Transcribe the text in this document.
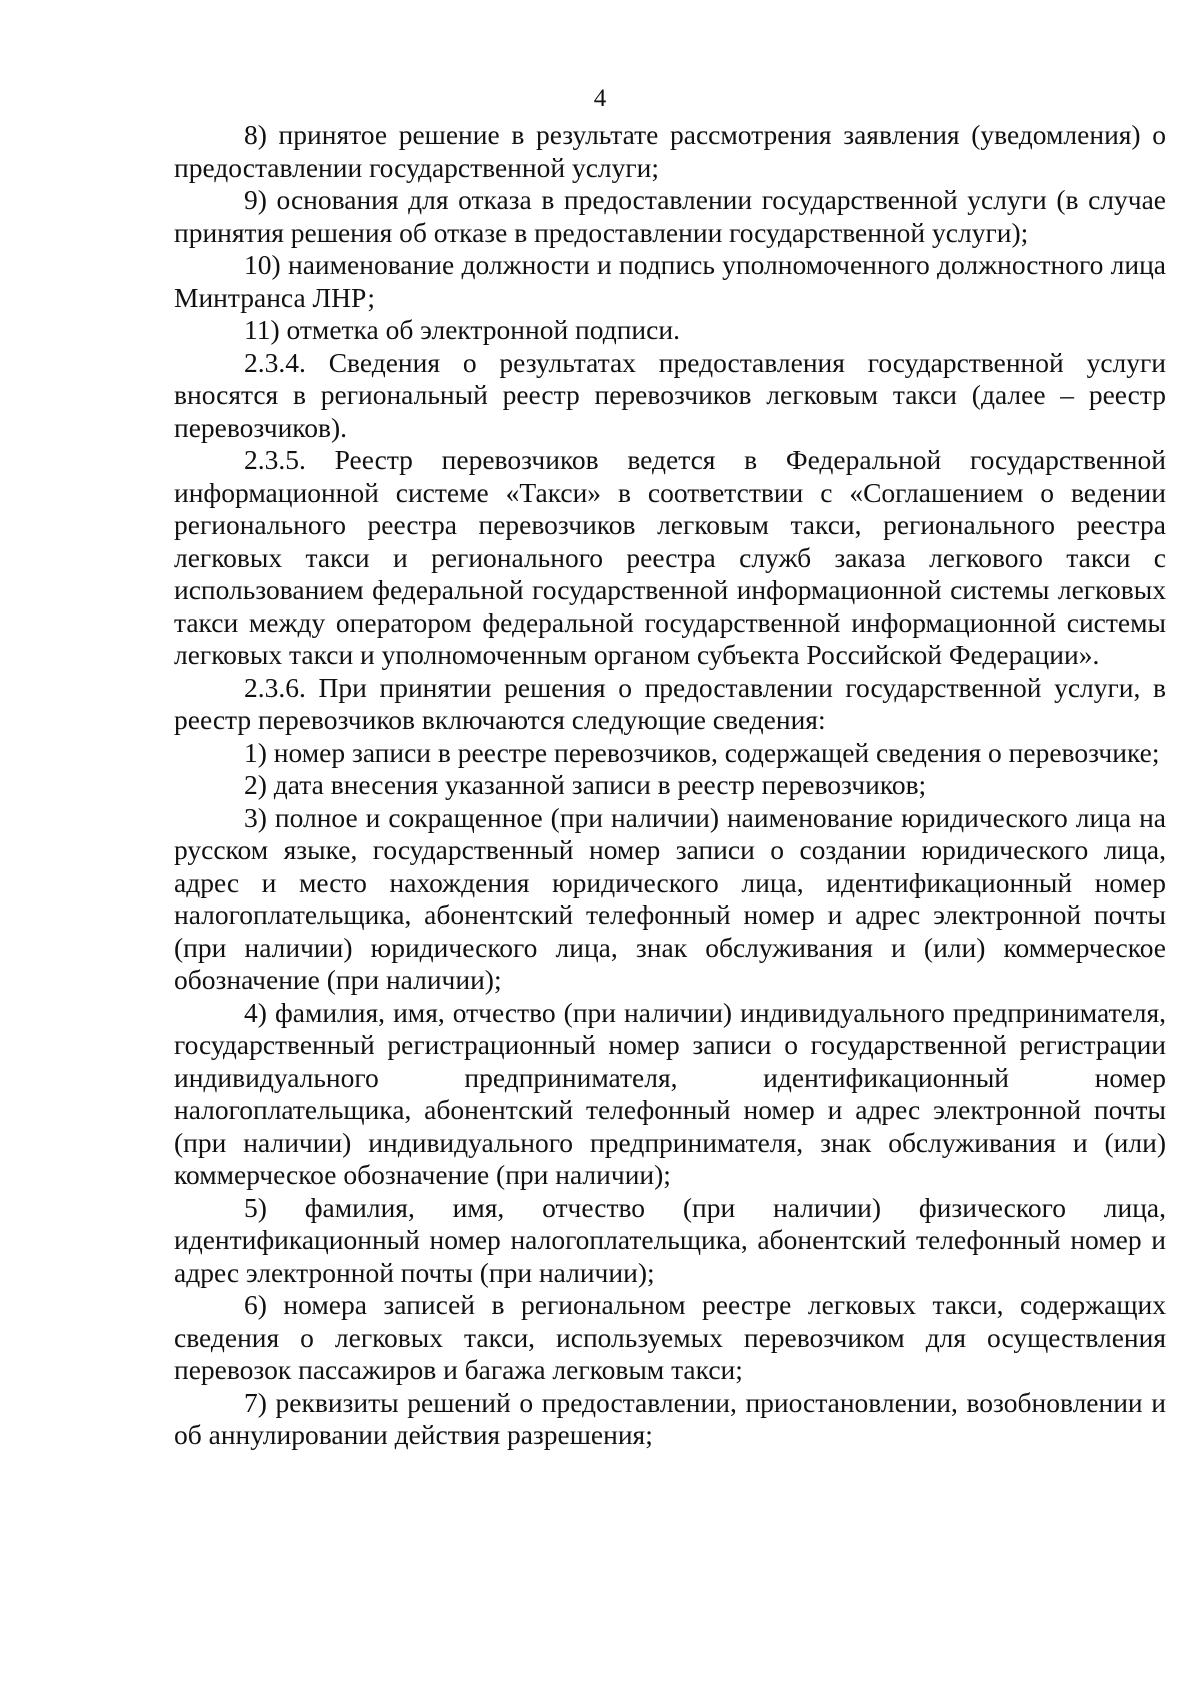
4

8) принятое решение в результате рассмотрения заявления (уведомления) о предоставлении государственной услуги;

9) основания для отказа в предоставлении государственной услуги (в случае принятия решения об отказе в предоставлении государственной услуги);

10) наименование должности и подпись уполномоченного должностного лица Минтранса ЛНР;

11) отметка об электронной подписи.

2.3.4. Сведения о результатах предоставления государственной услуги вносятся в региональный реестр перевозчиков легковым такси (далее – реестр перевозчиков).

2.3.5. Реестр перевозчиков ведется в Федеральной государственной информационной системе «Такси» в соответствии с «Соглашением о ведении регионального реестра перевозчиков легковым такси, регионального реестра легковых такси и регионального реестра служб заказа легкового такси с использованием федеральной государственной информационной системы легковых такси между оператором федеральной государственной информационной системы легковых такси и уполномоченным органом субъекта Российской Федерации».

2.3.6. При принятии решения о предоставлении государственной услуги, в реестр перевозчиков включаются следующие сведения:

1) номер записи в реестре перевозчиков, содержащей сведения о перевозчике;

2) дата внесения указанной записи в реестр перевозчиков;

3) полное и сокращенное (при наличии) наименование юридического лица на русском языке, государственный номер записи о создании юридического лица, адрес и место нахождения юридического лица, идентификационный номер налогоплательщика, абонентский телефонный номер и адрес электронной почты (при наличии) юридического лица, знак обслуживания и (или) коммерческое обозначение (при наличии);

4) фамилия, имя, отчество (при наличии) индивидуального предпринимателя, государственный регистрационный номер записи о государственной регистрации индивидуального предпринимателя, идентификационный номер налогоплательщика, абонентский телефонный номер и адрес электронной почты (при наличии) индивидуального предпринимателя, знак обслуживания и (или) коммерческое обозначение (при наличии);

5) фамилия, имя, отчество (при наличии) физического лица, идентификационный номер налогоплательщика, абонентский телефонный номер и адрес электронной почты (при наличии);

6) номера записей в региональном реестре легковых такси, содержащих сведения о легковых такси, используемых перевозчиком для осуществления перевозок пассажиров и багажа легковым такси;

7) реквизиты решений о предоставлении, приостановлении, возобновлении и об аннулировании действия разрешения;
